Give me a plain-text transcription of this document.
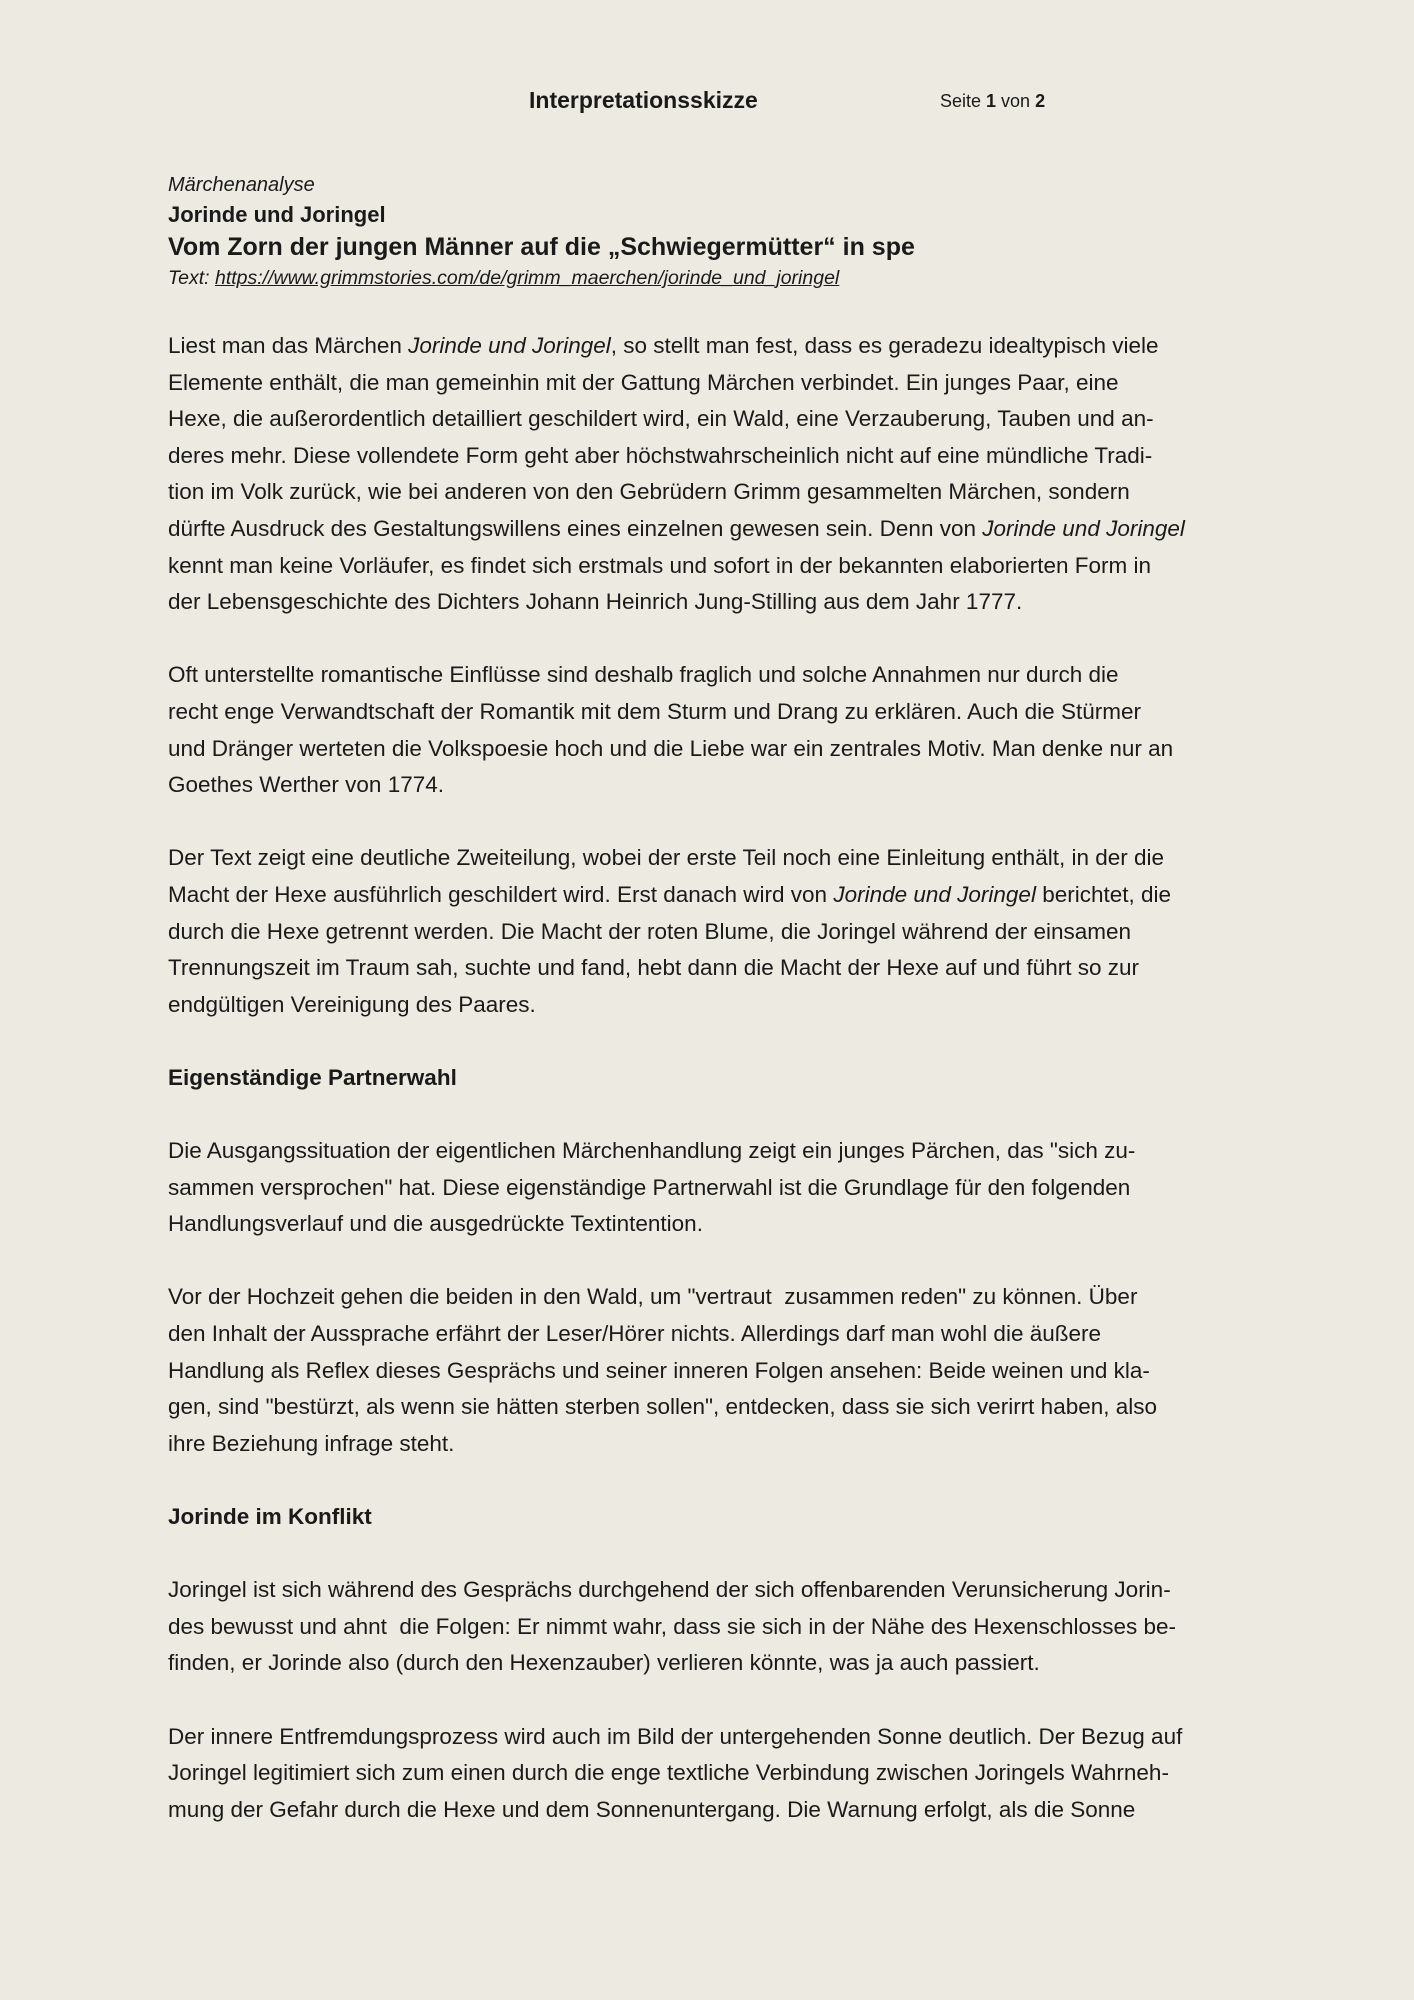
Interpretationsskizze	Seite 1 von 2
Märchenanalyse
Jorinde und Joringel
Vom Zorn der jungen Männer auf die „Schwiegermütter“ in spe
Text: https://www.grimmstories.com/de/grimm_maerchen/jorinde_und_joringel
Liest man das Märchen Jorinde und Joringel, so stellt man fest, dass es geradezu idealtypisch viele
Elemente enthält, die man gemeinhin mit der Gattung Märchen verbindet. Ein junges Paar, eine
Hexe, die außerordentlich detailliert geschildert wird, ein Wald, eine Verzauberung, Tauben und an-
deres mehr. Diese vollendete Form geht aber höchstwahrscheinlich nicht auf eine mündliche Tradi-
tion im Volk zurück, wie bei anderen von den Gebrüdern Grimm gesammelten Märchen, sondern
dürfte Ausdruck des Gestaltungswillens eines einzelnen gewesen sein. Denn von Jorinde und Joringel
kennt man keine Vorläufer, es findet sich erstmals und sofort in der bekannten elaborierten Form in
der Lebensgeschichte des Dichters Johann Heinrich Jung-Stilling aus dem Jahr 1777.
Oft unterstellte romantische Einflüsse sind deshalb fraglich und solche Annahmen nur durch die
recht enge Verwandtschaft der Romantik mit dem Sturm und Drang zu erklären. Auch die Stürmer
und Dränger werteten die Volkspoesie hoch und die Liebe war ein zentrales Motiv. Man denke nur an
Goethes Werther von 1774.
Der Text zeigt eine deutliche Zweiteilung, wobei der erste Teil noch eine Einleitung enthält, in der die
Macht der Hexe ausführlich geschildert wird. Erst danach wird von Jorinde und Joringel berichtet, die
durch die Hexe getrennt werden. Die Macht der roten Blume, die Joringel während der einsamen
Trennungszeit im Traum sah, suchte und fand, hebt dann die Macht der Hexe auf und führt so zur
endgültigen Vereinigung des Paares.
Eigenständige Partnerwahl
Die Ausgangssituation der eigentlichen Märchenhandlung zeigt ein junges Pärchen, das "sich zu-
sammen versprochen" hat. Diese eigenständige Partnerwahl ist die Grundlage für den folgenden
Handlungsverlauf und die ausgedrückte Textintention.
Vor der Hochzeit gehen die beiden in den Wald, um "vertraut  zusammen reden" zu können. Über
den Inhalt der Aussprache erfährt der Leser/Hörer nichts. Allerdings darf man wohl die äußere
Handlung als Reflex dieses Gesprächs und seiner inneren Folgen ansehen: Beide weinen und kla-
gen, sind "bestürzt, als wenn sie hätten sterben sollen", entdecken, dass sie sich verirrt haben, also
ihre Beziehung infrage steht.
Jorinde im Konflikt
Joringel ist sich während des Gesprächs durchgehend der sich offenbarenden Verunsicherung Jorin-
des bewusst und ahnt  die Folgen: Er nimmt wahr, dass sie sich in der Nähe des Hexenschlosses be-
finden, er Jorinde also (durch den Hexenzauber) verlieren könnte, was ja auch passiert.
Der innere Entfremdungsprozess wird auch im Bild der untergehenden Sonne deutlich. Der Bezug auf
Joringel legitimiert sich zum einen durch die enge textliche Verbindung zwischen Joringels Wahrneh-
mung der Gefahr durch die Hexe und dem Sonnenuntergang. Die Warnung erfolgt, als die Sonne
